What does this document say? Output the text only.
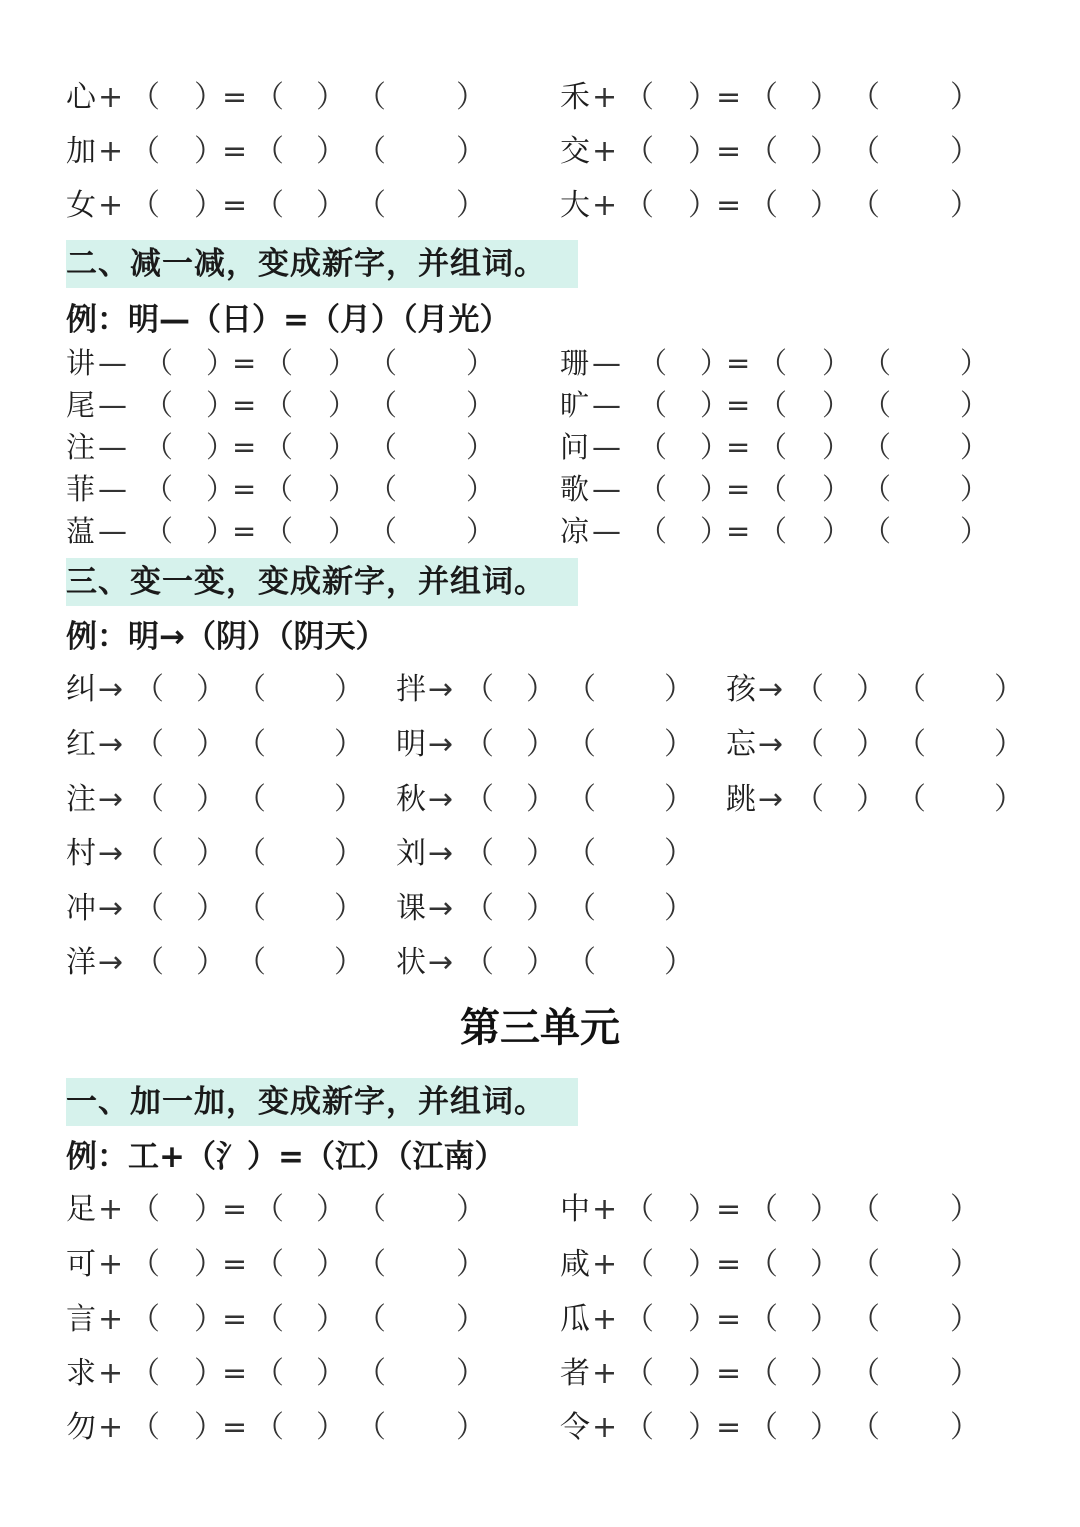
心 + （ ）
= （ ） （ ） 禾 + （ ）
= （ ） （ ）
加 + （ ）
= （ ） （ ） 交 + （ ）
= （ ） （ ）
女 + （ ）
= （ ） （ ） 大 + （ ）
= （ ） （ ）
二、减一减，变成新字，并组词。
例：明—（日）=（月）（月光）
讲 — （ ）
= （ ） （ ） 珊 — （ ）
= （ ） （ ）
尾 — （ ）
= （ ） （ ） 旷 — （ ）
= （ ） （ ）
注 — （ ）
= （ ） （ ） 问 — （ ）
= （ ） （ ）
菲 — （ ）
= （ ） （ ） 歌 — （ ）
= （ ） （ ）
蕰 — （ ）
= （ ） （ ） 凉 — （ ）
= （ ） （ ）
三、变一变，变成新字，并组词。
例：明→（阴）（阴天）
纠 → （ ） （ ） 拌 → （ ） （ ） 孩 → （ ） （ ）
红 → （ ） （ ） 明 → （ ） （ ） 忘 → （ ） （ ）
注 → （ ） （ ） 秋 → （ ） （ ） 跳 → （ ） （ ）
村 → （ ） （ ） 刘 → （ ） （ ）
冲 → （ ） （ ） 课 → （ ） （ ）
洋 → （ ） （ ） 状 → （ ） （ ）
第三单元
一、加一加，变成新字，并组词。
例：工+（氵）=（江）（江南）
足 + （ ）
= （ ） （ ） 中 + （ ）
= （ ） （ ）
可 + （ ）
= （ ） （ ） 咸 + （ ）
= （ ） （ ）
言 + （ ）
= （ ） （ ） 瓜 + （ ）
= （ ） （ ）
求 + （ ）
= （ ） （ ） 者 + （ ）
= （ ） （ ）
勿 + （ ）
= （ ） （ ） 令 + （ ）
= （ ） （ ）
